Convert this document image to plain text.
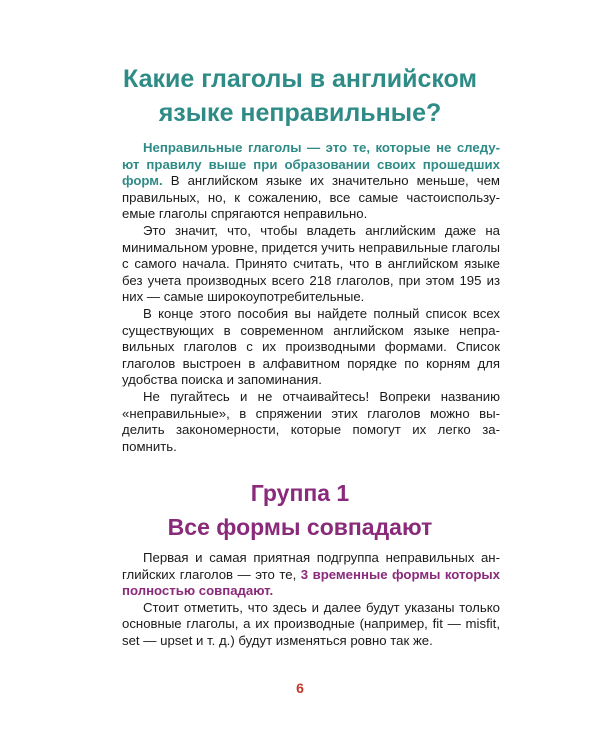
Какие глаголы в английском
языке неправильные?

Неправильные глаголы — это те, которые не следуют правилу выше при образовании своих прошедших форм. В английском языке их значительно меньше, чем правильных, но, к сожалению, все самые частоиспользуемые глаголы спрягаются неправильно.

Это значит, что, чтобы владеть английским даже на минимальном уровне, придется учить неправильные глаголы с самого начала. Принято считать, что в английском языке без учета производных всего 218 глаголов, при этом 195 из них — самые широкоупотребительные.

В конце этого пособия вы найдете полный список всех существующих в современном английском языке неправильных глаголов с их производными формами. Список глаголов выстроен в алфавитном порядке по корням для удобства поиска и запоминания.

Не пугайтесь и не отчаивайтесь! Вопреки названию «неправильные», в спряжении этих глаголов можно выделить закономерности, которые помогут их легко запомнить.

Группа 1
Все формы совпадают

Первая и самая приятная подгруппа неправильных английских глаголов — это те, 3 временные формы которых полностью совпадают.

Стоит отметить, что здесь и далее будут указаны только основные глаголы, а их производные (например, fit — misfit, set — upset и т. д.) будут изменяться ровно так же.

6
